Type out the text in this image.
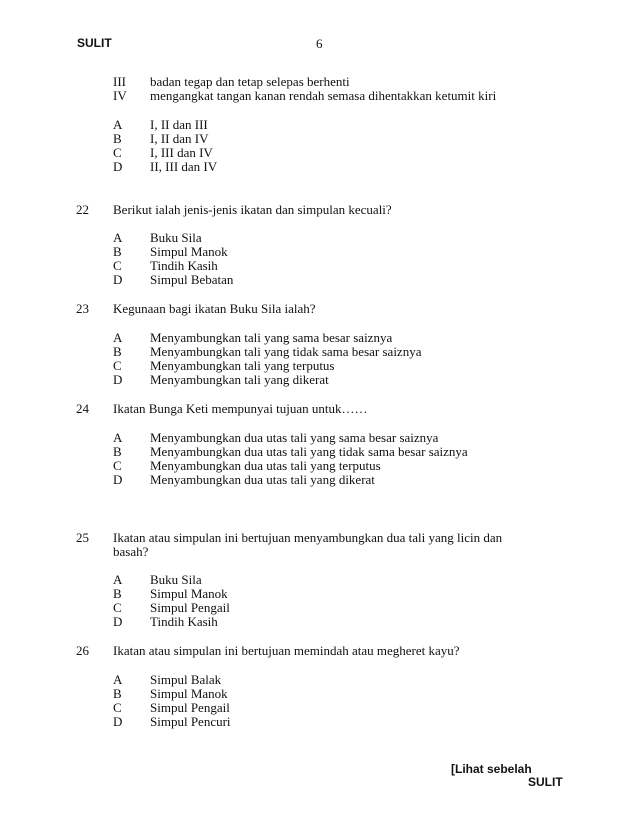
SULIT	6
III badan tegap dan tetap selepas berhenti
IV mengangkat tangan kanan rendah semasa dihentakkan ketumit kiri
A I, II dan III
B I, II dan IV
C I, III dan IV
D II, III dan IV
22 Berikut ialah jenis-jenis ikatan dan simpulan kecuali?
A Buku Sila
B Simpul Manok
C Tindih Kasih
D Simpul Bebatan
23 Kegunaan bagi ikatan Buku Sila ialah?
A Menyambungkan tali yang sama besar saiznya
B Menyambungkan tali yang tidak sama besar saiznya
C Menyambungkan tali yang terputus
D Menyambungkan tali yang dikerat
24 Ikatan Bunga Keti mempunyai tujuan untuk……
A Menyambungkan dua utas tali yang sama besar saiznya
B Menyambungkan dua utas tali yang tidak sama besar saiznya
C Menyambungkan dua utas tali yang terputus
D Menyambungkan dua utas tali yang dikerat
25 Ikatan atau simpulan ini bertujuan menyambungkan dua tali yang licin dan
basah?
A Buku Sila
B Simpul Manok
C Simpul Pengail
D Tindih Kasih
26 Ikatan atau simpulan ini bertujuan memindah atau megheret kayu?
A Simpul Balak
B Simpul Manok
C Simpul Pengail
D Simpul Pencuri
[Lihat sebelah
SULIT
